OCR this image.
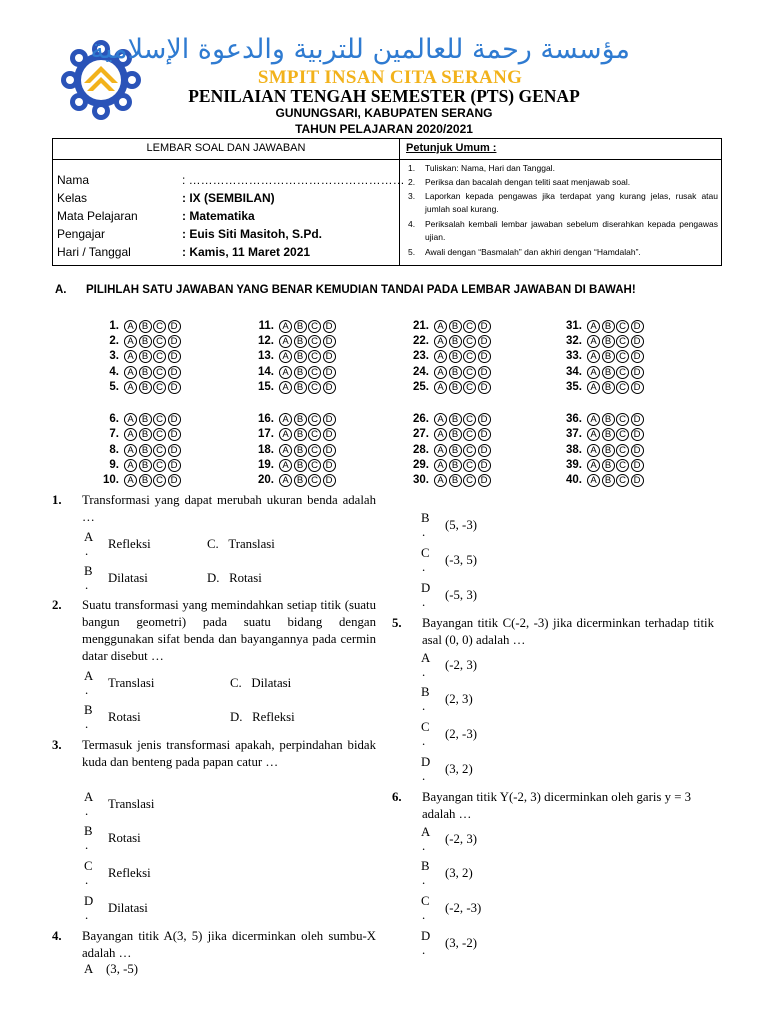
مؤسسة رحمة للعالمين للتربية والدعوة الإسلامية
SMPIT INSAN CITA SERANG
PENILAIAN TENGAH SEMESTER (PTS) GENAP
GUNUNGSARI, KABUPATEN SERANG
TAHUN PELAJARAN 2020/2021
LEMBAR SOAL DAN JAWABAN	Petunjuk Umum :
Nama	: ………………………………………………
Kelas	: IX (SEMBILAN)
Mata Pelajaran	: Matematika
Pengajar	: Euis Siti Masitoh, S.Pd.
Hari / Tanggal	: Kamis, 11 Maret 2021
1. Tuliskan: Nama, Hari dan Tanggal.
2. Periksa dan bacalah dengan teliti saat menjawab soal.
3. Laporkan kepada pengawas jika terdapat yang kurang jelas, rusak atau jumlah soal kurang.
4. Periksalah kembali lembar jawaban sebelum diserahkan kepada pengawas ujian.
5. Awali dengan “Basmalah” dan akhiri dengan “Hamdalah”.
A. PILIHLAH SATU JAWABAN YANG BENAR KEMUDIAN TANDAI PADA LEMBAR JAWABAN DI BAWAH!
1. A B C D
2. A B C D
3. A B C D
4. A B C D
5. A B C D
6. A B C D
7. A B C D
8. A B C D
9. A B C D
10. A B C D
11. A B C D
12. A B C D
13. A B C D
14. A B C D
15. A B C D
16. A B C D
17. A B C D
18. A B C D
19. A B C D
20. A B C D
21. A B C D
22. A B C D
23. A B C D
24. A B C D
25. A B C D
26. A B C D
27. A B C D
28. A B C D
29. A B C D
30. A B C D
31. A B C D
32. A B C D
33. A B C D
34. A B C D
35. A B C D
36. A B C D
37. A B C D
38. A B C D
39. A B C D
40. A B C D
1. Transformasi yang dapat merubah ukuran benda adalah …
A
. Refleksi	C. Translasi
B
. Dilatasi	D. Rotasi
2. Suatu transformasi yang memindahkan setiap titik (suatu bangun geometri) pada suatu bidang dengan menggunakan sifat benda dan bayangannya pada cermin datar disebut …
A
. Translasi	C. Dilatasi
B
. Rotasi	D. Refleksi
3. Termasuk jenis transformasi apakah, perpindahan bidak kuda dan benteng pada papan catur …
A
. Translasi
B
. Rotasi
C
. Refleksi
D
. Dilatasi
4. Bayangan titik A(3, 5) jika dicerminkan oleh sumbu-X adalah …
A (3, -5)
B
. (5, -3)
C
. (-3, 5)
D
. (-5, 3)
5. Bayangan titik C(-2, -3) jika dicerminkan terhadap titik asal (0, 0) adalah …
A
. (-2, 3)
B
. (2, 3)
C
. (2, -3)
D
. (3, 2)
6. Bayangan titik Y(-2, 3) dicerminkan oleh garis y = 3 adalah …
A
. (-2, 3)
B
. (3, 2)
C
. (-2, -3)
D
. (3, -2)
